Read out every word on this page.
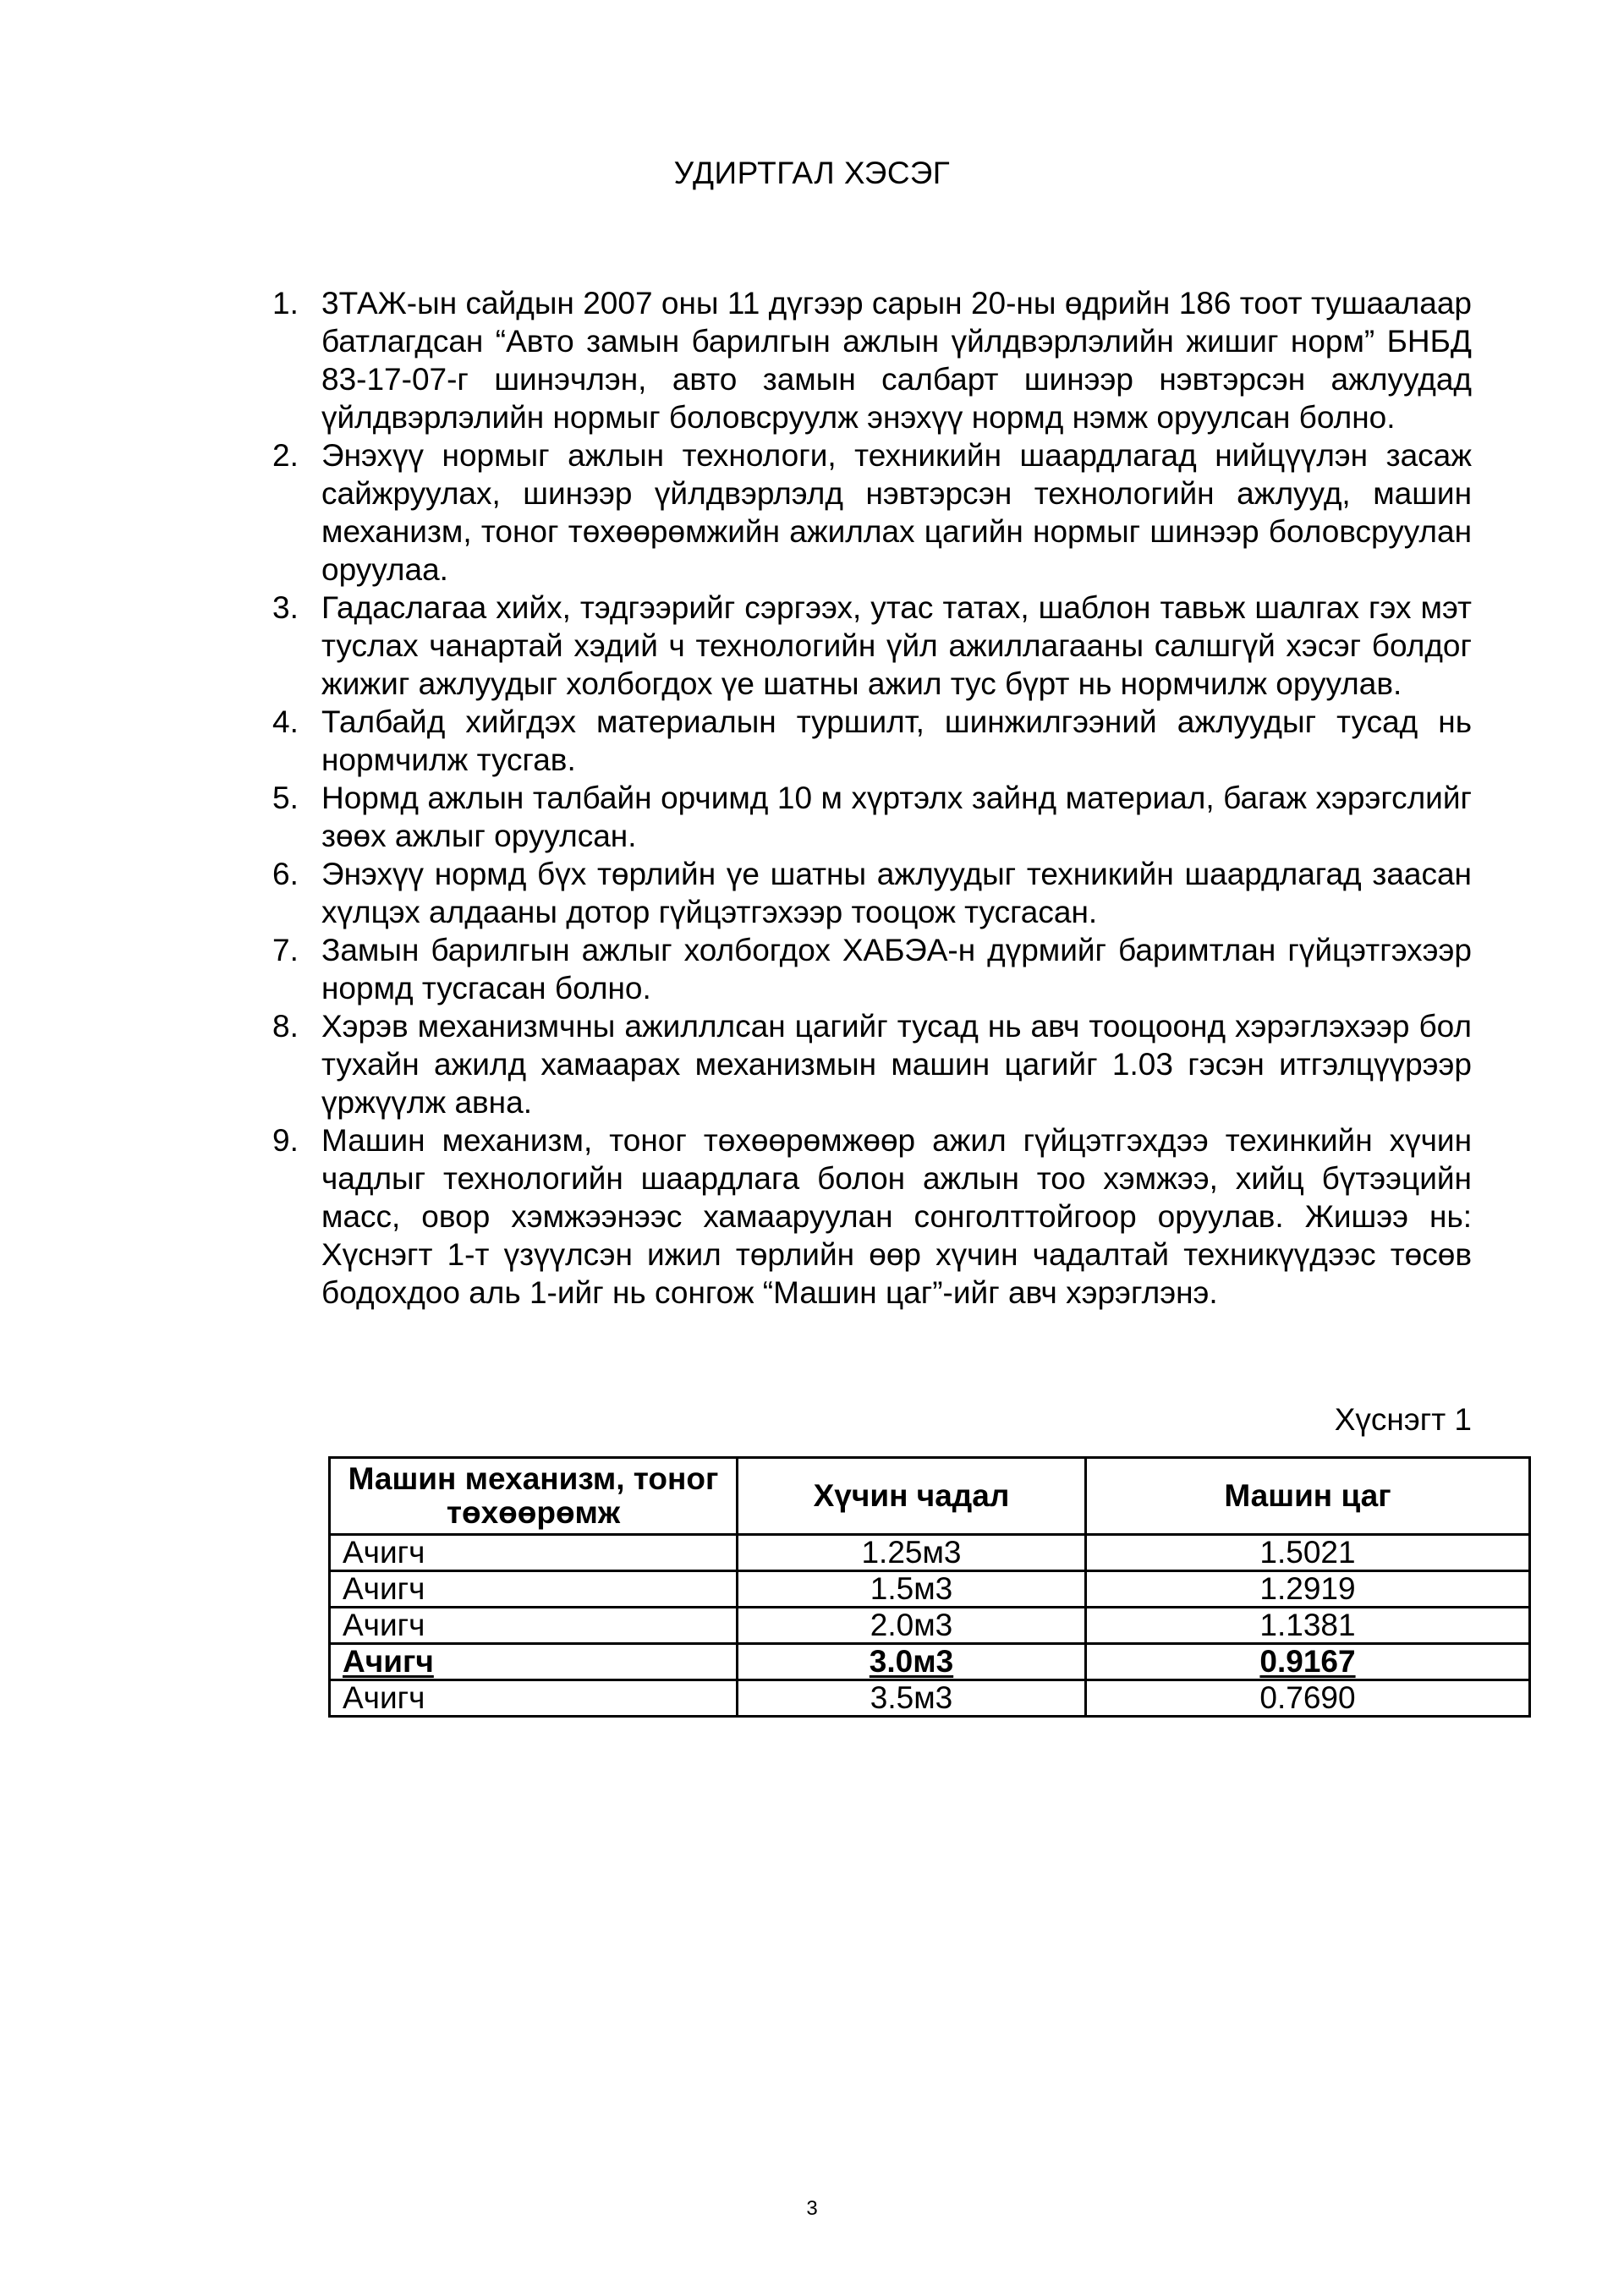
УДИРТГАЛ ХЭСЭГ
1. 3ТАЖ-ын сайдын 2007 оны 11 дүгээр сарын 20-ны өдрийн 186 тоот тушаалаар батлагдсан “Авто замын барилгын ажлын үйлдвэрлэлийн жишиг норм” БНБД 83-17-07-г шинэчлэн, авто замын салбарт шинээр нэвтэрсэн ажлуудад үйлдвэрлэлийн нормыг боловсруулж энэхүү нормд нэмж оруулсан болно.
2. Энэхүү нормыг ажлын технологи, техникийн шаардлагад нийцүүлэн засаж сайжруулах, шинээр үйлдвэрлэлд нэвтэрсэн технологийн ажлууд, машин механизм, тоног төхөөрөмжийн ажиллах цагийн нормыг шинээр боловсруулан оруулаа.
3. Гадаслагаа хийх, тэдгээрийг сэргээх, утас татах, шаблон тавьж шалгах гэх мэт туслах чанартай хэдий ч технологийн үйл ажиллагааны салшгүй хэсэг болдог жижиг ажлуудыг холбогдох үе шатны ажил тус бүрт нь нормчилж оруулав.
4. Талбайд хийгдэх материалын туршилт, шинжилгээний ажлуудыг тусад нь нормчилж тусгав.
5. Нормд ажлын талбайн орчимд 10 м хүртэлх зайнд материал, багаж хэрэгслийг зөөх ажлыг оруулсан.
6. Энэхүү нормд бүх төрлийн үе шатны ажлуудыг техникийн шаардлагад заасан хүлцэх алдааны дотор гүйцэтгэхээр тооцож тусгасан.
7. Замын барилгын ажлыг холбогдох ХАБЭА-н дүрмийг баримтлан гүйцэтгэхээр нормд тусгасан болно.
8. Хэрэв механизмчны ажилллсан цагийг тусад нь авч тооцоонд хэрэглэхээр бол тухайн ажилд хамаарах механизмын машин цагийг 1.03 гэсэн итгэлцүүрээр үржүүлж авна.
9. Машин механизм, тоног төхөөрөмжөөр ажил гүйцэтгэхдээ техинкийн хүчин чадлыг технологийн шаардлага болон ажлын тоо хэмжээ, хийц бүтээцийн масс, овор хэмжээнээс хамааруулан сонголттойгоор оруулав. Жишээ нь: Хүснэгт 1-т үзүүлсэн ижил төрлийн өөр хүчин чадалтай техникүүдээс төсөв бодохдоо аль 1-ийг нь сонгож “Машин цаг”-ийг авч хэрэглэнэ.
Хүснэгт 1
Машин механизм, тоног төхөөрөмж	Хүчин чадал	Машин цаг
Ачигч	1.25м3	1.5021
Ачигч	1.5м3	1.2919
Ачигч	2.0м3	1.1381
Ачигч	3.0м3	0.9167
Ачигч	3.5м3	0.7690
3
